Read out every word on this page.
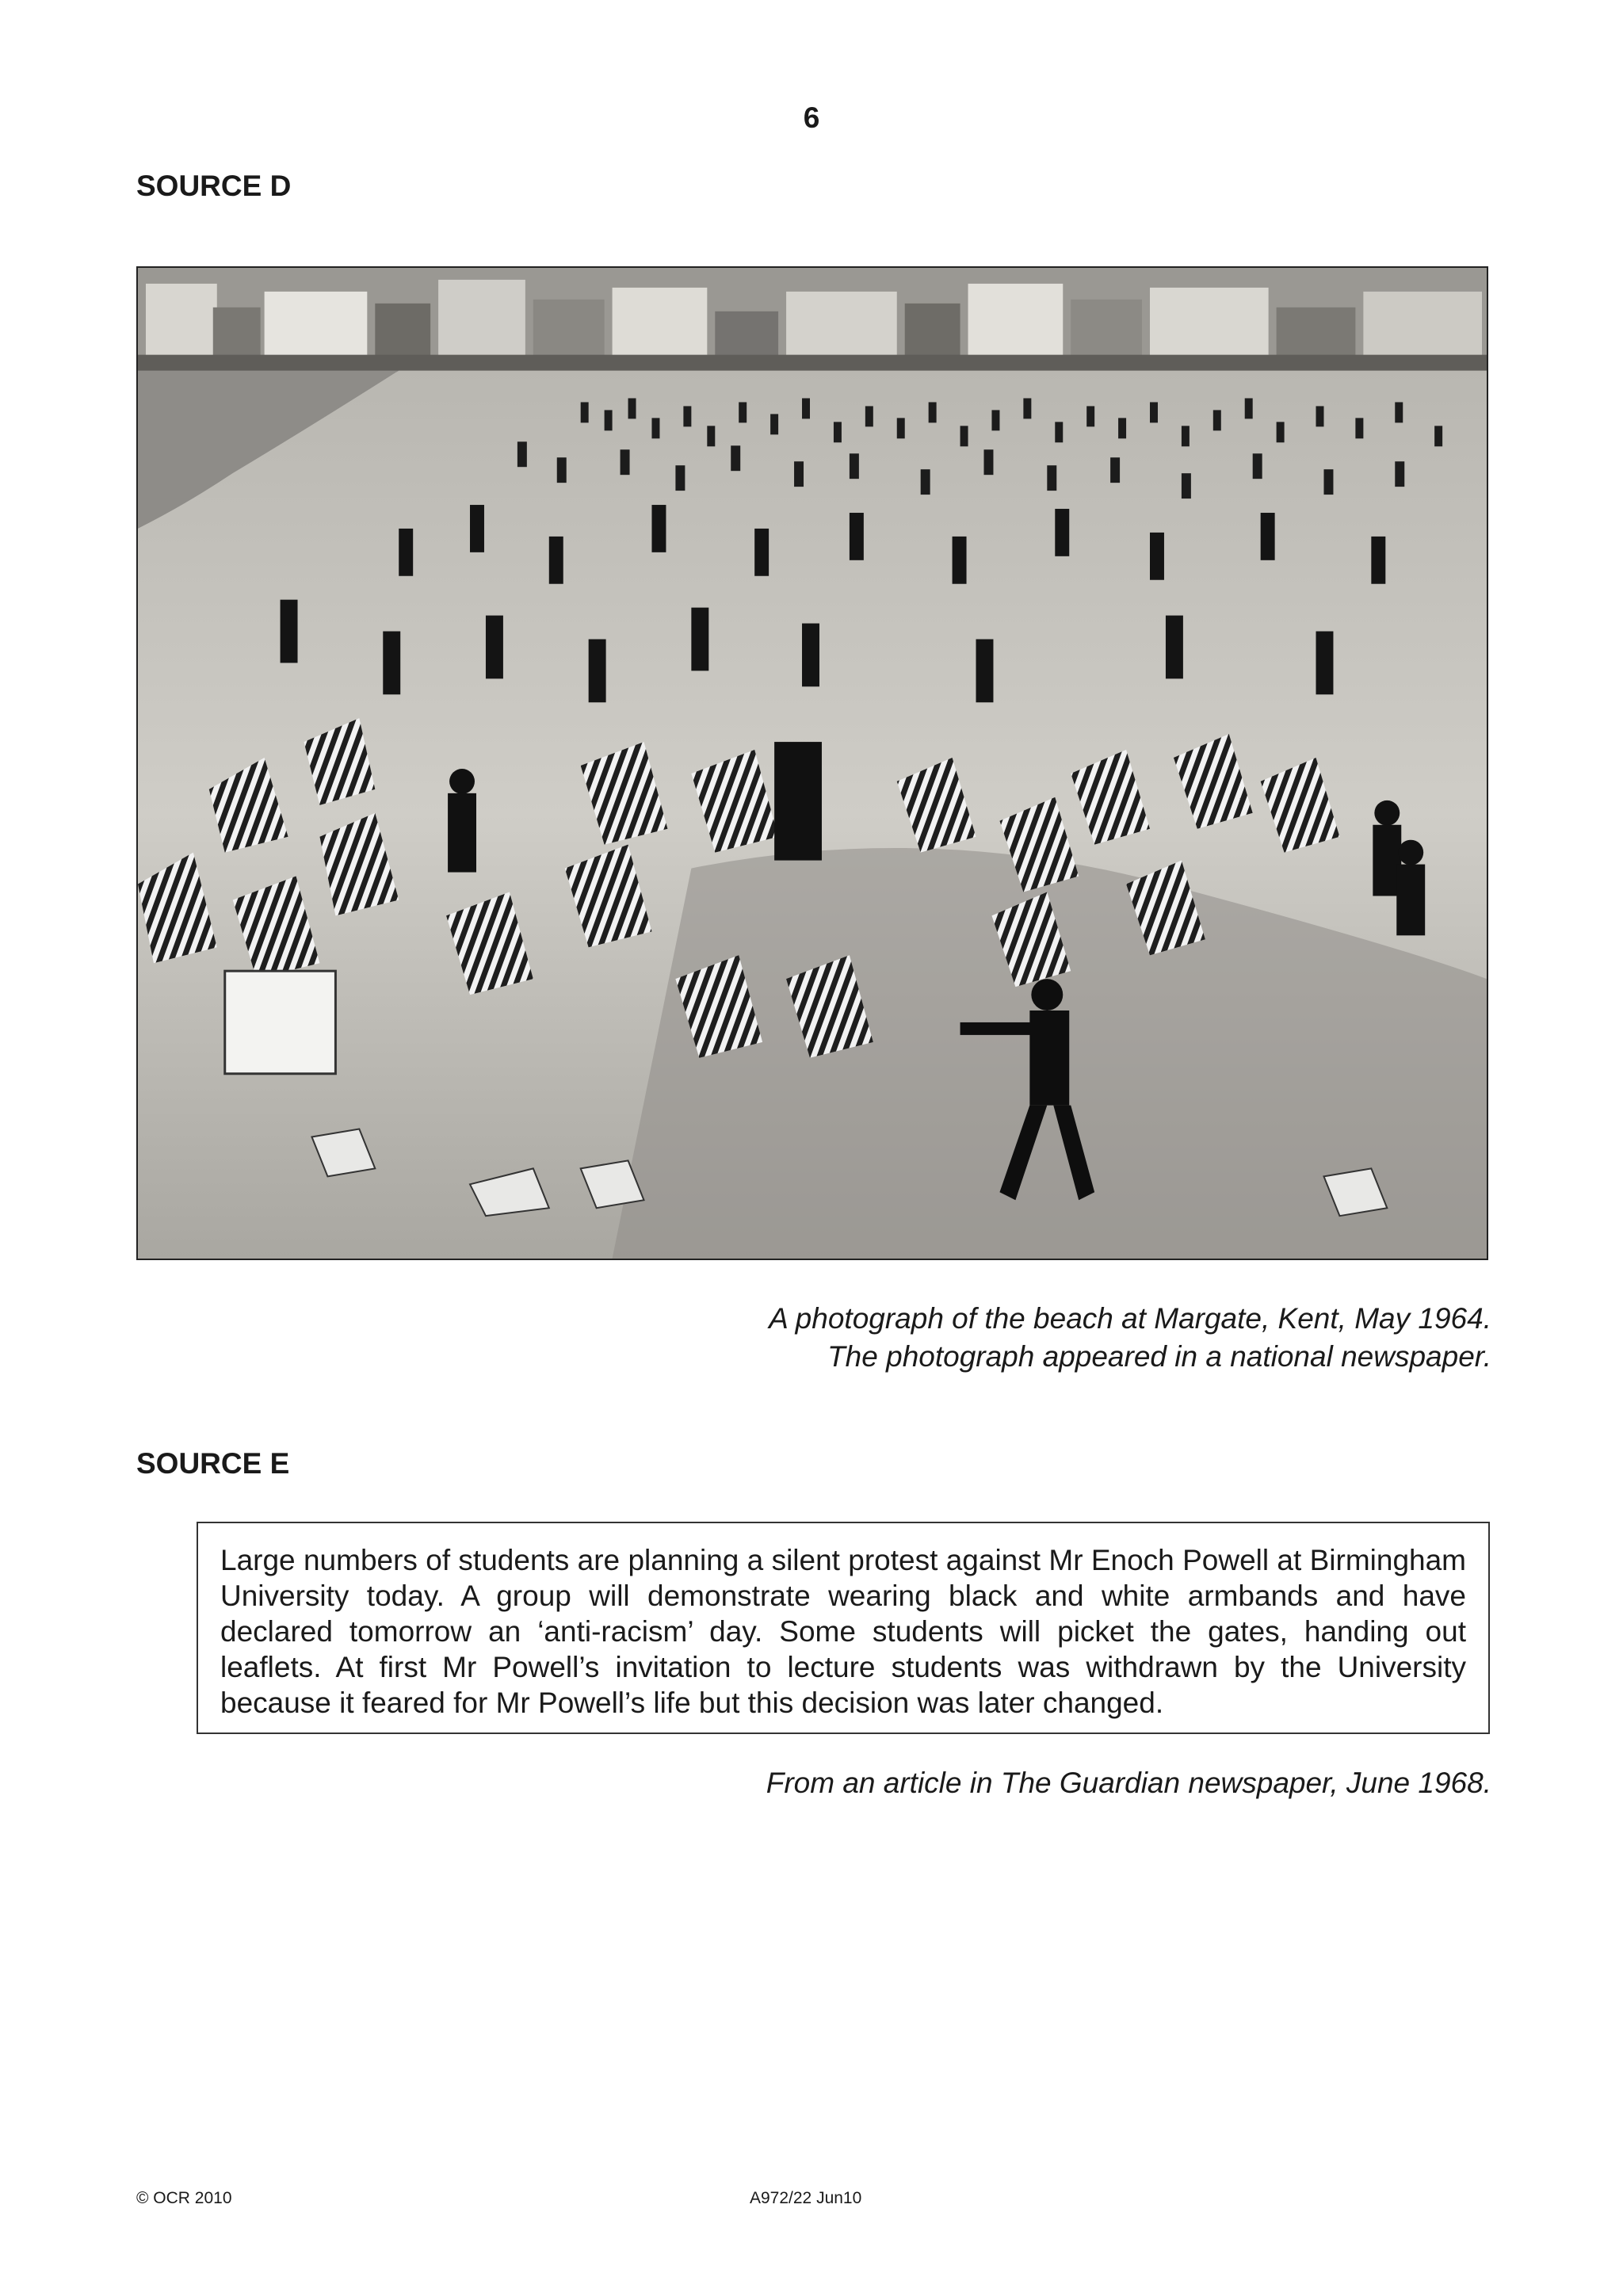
6
SOURCE D
A photograph of the beach at Margate, Kent, May 1964.
The photograph appeared in a national newspaper.
SOURCE E
Large numbers of students are planning a silent protest against Mr Enoch Powell at Birmingham University today. A group will demonstrate wearing black and white armbands and have declared tomorrow an ‘anti-racism’ day. Some students will picket the gates, handing out leaflets. At first Mr Powell’s invitation to lecture students was withdrawn by the University because it feared for Mr Powell’s life but this decision was later changed.
From an article in The Guardian newspaper, June 1968.
© OCR 2010	A972/22 Jun10
